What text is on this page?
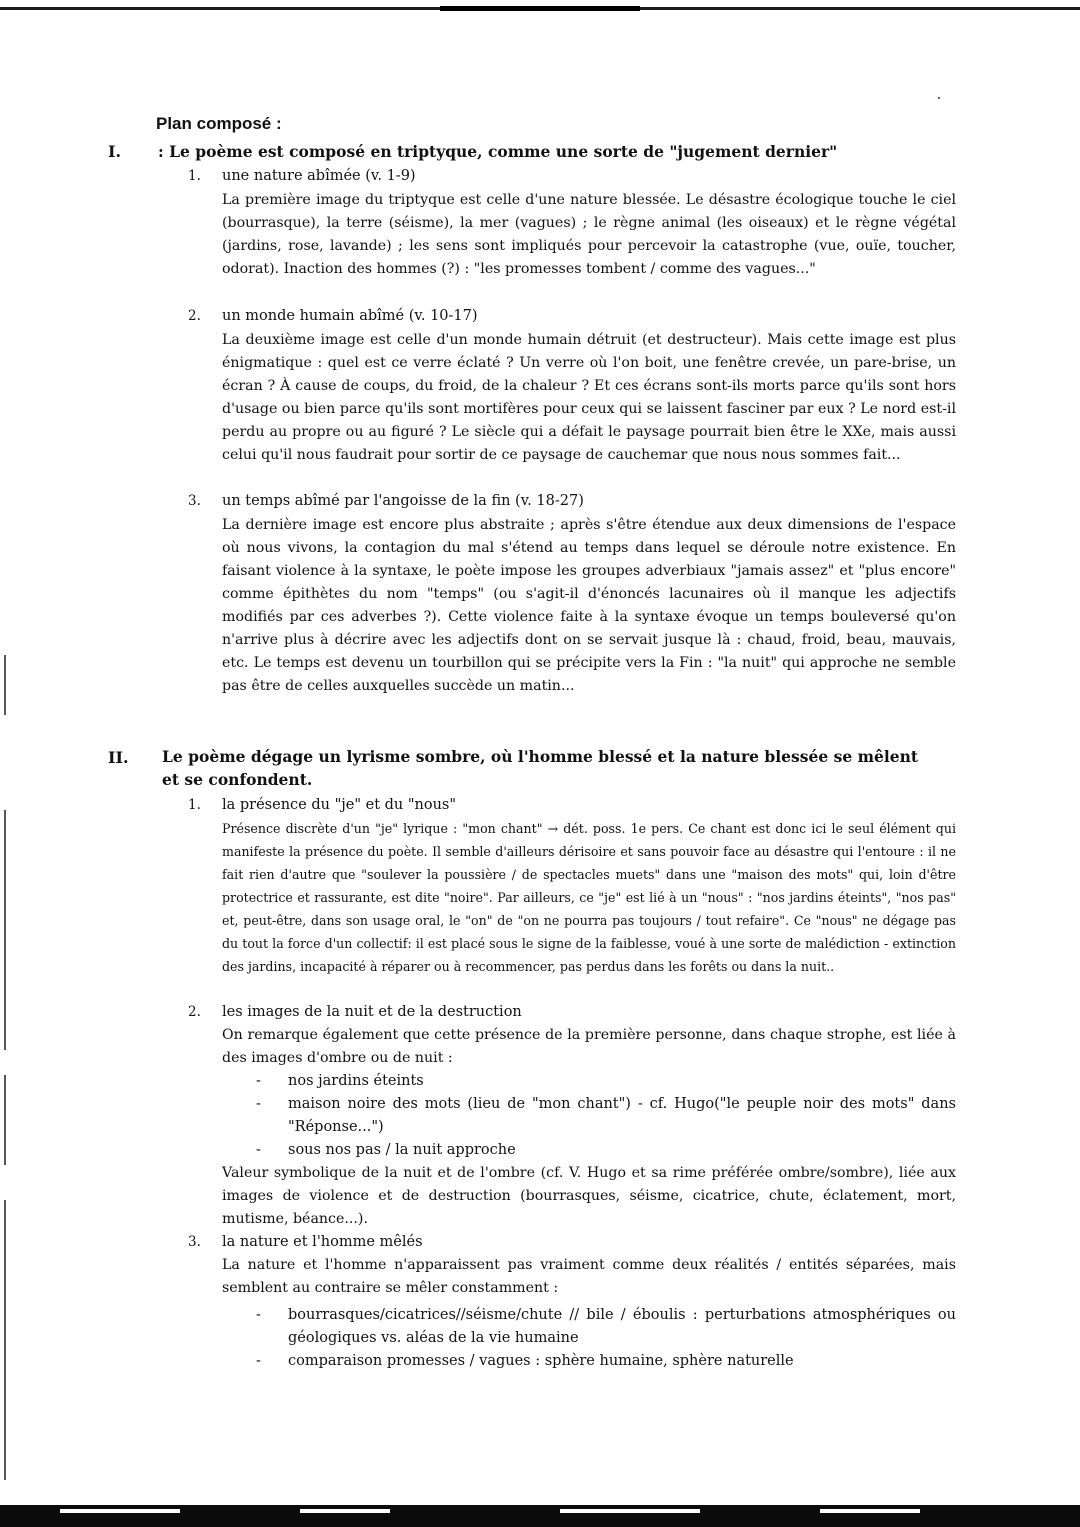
Plan composé :
I. : Le poème est composé en triptyque, comme une sorte de "jugement dernier"
1. une nature abîmée (v. 1-9)
La première image du triptyque est celle d'une nature blessée. Le désastre écologique touche le ciel (bourrasque), la terre (séisme), la mer (vagues) ; le règne animal (les oiseaux) et le règne végétal (jardins, rose, lavande) ; les sens sont impliqués pour percevoir la catastrophe (vue, ouïe, toucher, odorat). Inaction des hommes (?) : "les promesses tombent / comme des vagues..."
2. un monde humain abîmé (v. 10-17)
La deuxième image est celle d'un monde humain détruit (et destructeur). Mais cette image est plus énigmatique : quel est ce verre éclaté ? Un verre où l'on boit, une fenêtre crevée, un pare-brise, un écran ? À cause de coups, du froid, de la chaleur ? Et ces écrans sont-ils morts parce qu'ils sont hors d'usage ou bien parce qu'ils sont mortifères pour ceux qui se laissent fasciner par eux ? Le nord est-il perdu au propre ou au figuré ? Le siècle qui a défait le paysage pourrait bien être le XXe, mais aussi celui qu'il nous faudrait pour sortir de ce paysage de cauchemar que nous nous sommes fait...
3. un temps abîmé par l'angoisse de la fin (v. 18-27)
La dernière image est encore plus abstraite ; après s'être étendue aux deux dimensions de l'espace où nous vivons, la contagion du mal s'étend au temps dans lequel se déroule notre existence. En faisant violence à la syntaxe, le poète impose les groupes adverbiaux "jamais assez" et "plus encore" comme épithètes du nom "temps" (ou s'agit-il d'énoncés lacunaires où il manque les adjectifs modifiés par ces adverbes ?). Cette violence faite à la syntaxe évoque un temps bouleversé qu'on n'arrive plus à décrire avec les adjectifs dont on se servait jusque là : chaud, froid, beau, mauvais, etc. Le temps est devenu un tourbillon qui se précipite vers la Fin : "la nuit" qui approche ne semble pas être de celles auxquelles succède un matin...
II. Le poème dégage un lyrisme sombre, où l'homme blessé et la nature blessée se mêlent
et se confondent.
1. la présence du "je" et du "nous"
Présence discrète d'un "je" lyrique : "mon chant" → dét. poss. 1e pers. Ce chant est donc ici le seul élément qui manifeste la présence du poète. Il semble d'ailleurs dérisoire et sans pouvoir face au désastre qui l'entoure : il ne fait rien d'autre que "soulever la poussière / de spectacles muets" dans une "maison des mots" qui, loin d'être protectrice et rassurante, est dite "noire". Par ailleurs, ce "je" est lié à un "nous" : "nos jardins éteints", "nos pas" et, peut-être, dans son usage oral, le "on" de "on ne pourra pas toujours / tout refaire". Ce "nous" ne dégage pas du tout la force d'un collectif: il est placé sous le signe de la faiblesse, voué à une sorte de malédiction - extinction des jardins, incapacité à réparer ou à recommencer, pas perdus dans les forêts ou dans la nuit..
2. les images de la nuit et de la destruction
On remarque également que cette présence de la première personne, dans chaque strophe, est liée à des images d'ombre ou de nuit :
- nos jardins éteints
- maison noire des mots (lieu de "mon chant") - cf. Hugo("le peuple noir des mots" dans "Réponse...")
- sous nos pas / la nuit approche
Valeur symbolique de la nuit et de l'ombre (cf. V. Hugo et sa rime préférée ombre/sombre), liée aux images de violence et de destruction (bourrasques, séisme, cicatrice, chute, éclatement, mort, mutisme, béance...).
3. la nature et l'homme mêlés
La nature et l'homme n'apparaissent pas vraiment comme deux réalités / entités séparées, mais semblent au contraire se mêler constamment :
- bourrasques/cicatrices//séisme/chute // bile / éboulis : perturbations atmosphériques ou géologiques vs. aléas de la vie humaine
- comparaison promesses / vagues : sphère humaine, sphère naturelle
